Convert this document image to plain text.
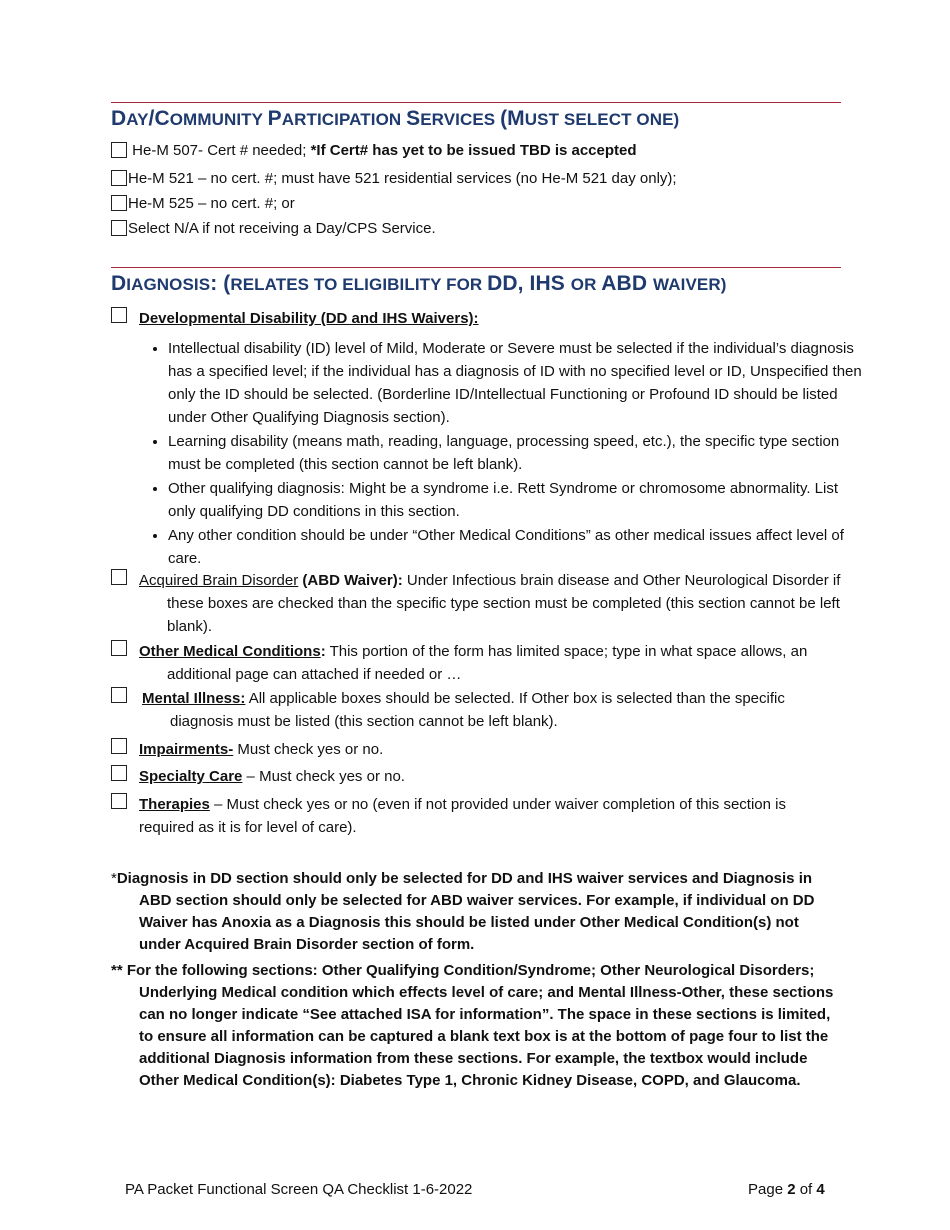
DAY/COMMUNITY PARTICIPATION SERVICES (MUST SELECT ONE)
He-M 507- Cert # needed; *If Cert# has yet to be issued TBD is accepted
He-M 521 – no cert. #; must have 521 residential services (no He-M 521 day only);
He-M 525 – no cert. #; or
Select N/A if not receiving a Day/CPS Service.
DIAGNOSIS: (RELATES TO ELIGIBILITY FOR DD, IHS OR ABD WAIVER)
Developmental Disability (DD and IHS Waivers):
• Intellectual disability (ID) level of Mild, Moderate or Severe must be selected if the individual’s diagnosis has a specified level; if the individual has a diagnosis of ID with no specified level or ID, Unspecified then only the ID should be selected. (Borderline ID/Intellectual Functioning or Profound ID should be listed under Other Qualifying Diagnosis section).
• Learning disability (means math, reading, language, processing speed, etc.), the specific type section must be completed (this section cannot be left blank).
• Other qualifying diagnosis: Might be a syndrome i.e. Rett Syndrome or chromosome abnormality. List only qualifying DD conditions in this section.
• Any other condition should be under “Other Medical Conditions” as other medical issues affect level of care.
Acquired Brain Disorder (ABD Waiver): Under Infectious brain disease and Other Neurological Disorder if these boxes are checked than the specific type section must be completed (this section cannot be left blank).
Other Medical Conditions: This portion of the form has limited space; type in what space allows, an additional page can attached if needed or …
Mental Illness: All applicable boxes should be selected. If Other box is selected than the specific diagnosis must be listed (this section cannot be left blank).
Impairments- Must check yes or no.
Specialty Care – Must check yes or no.
Therapies – Must check yes or no (even if not provided under waiver completion of this section is required as it is for level of care).
*Diagnosis in DD section should only be selected for DD and IHS waiver services and Diagnosis in ABD section should only be selected for ABD waiver services. For example, if individual on DD Waiver has Anoxia as a Diagnosis this should be listed under Other Medical Condition(s) not under Acquired Brain Disorder section of form.
** For the following sections: Other Qualifying Condition/Syndrome; Other Neurological Disorders; Underlying Medical condition which effects level of care; and Mental Illness-Other, these sections can no longer indicate “See attached ISA for information”. The space in these sections is limited, to ensure all information can be captured a blank text box is at the bottom of page four to list the additional Diagnosis information from these sections. For example, the textbox would include Other Medical Condition(s): Diabetes Type 1, Chronic Kidney Disease, COPD, and Glaucoma.
PA Packet Functional Screen QA Checklist 1-6-2022	Page 2 of 4
